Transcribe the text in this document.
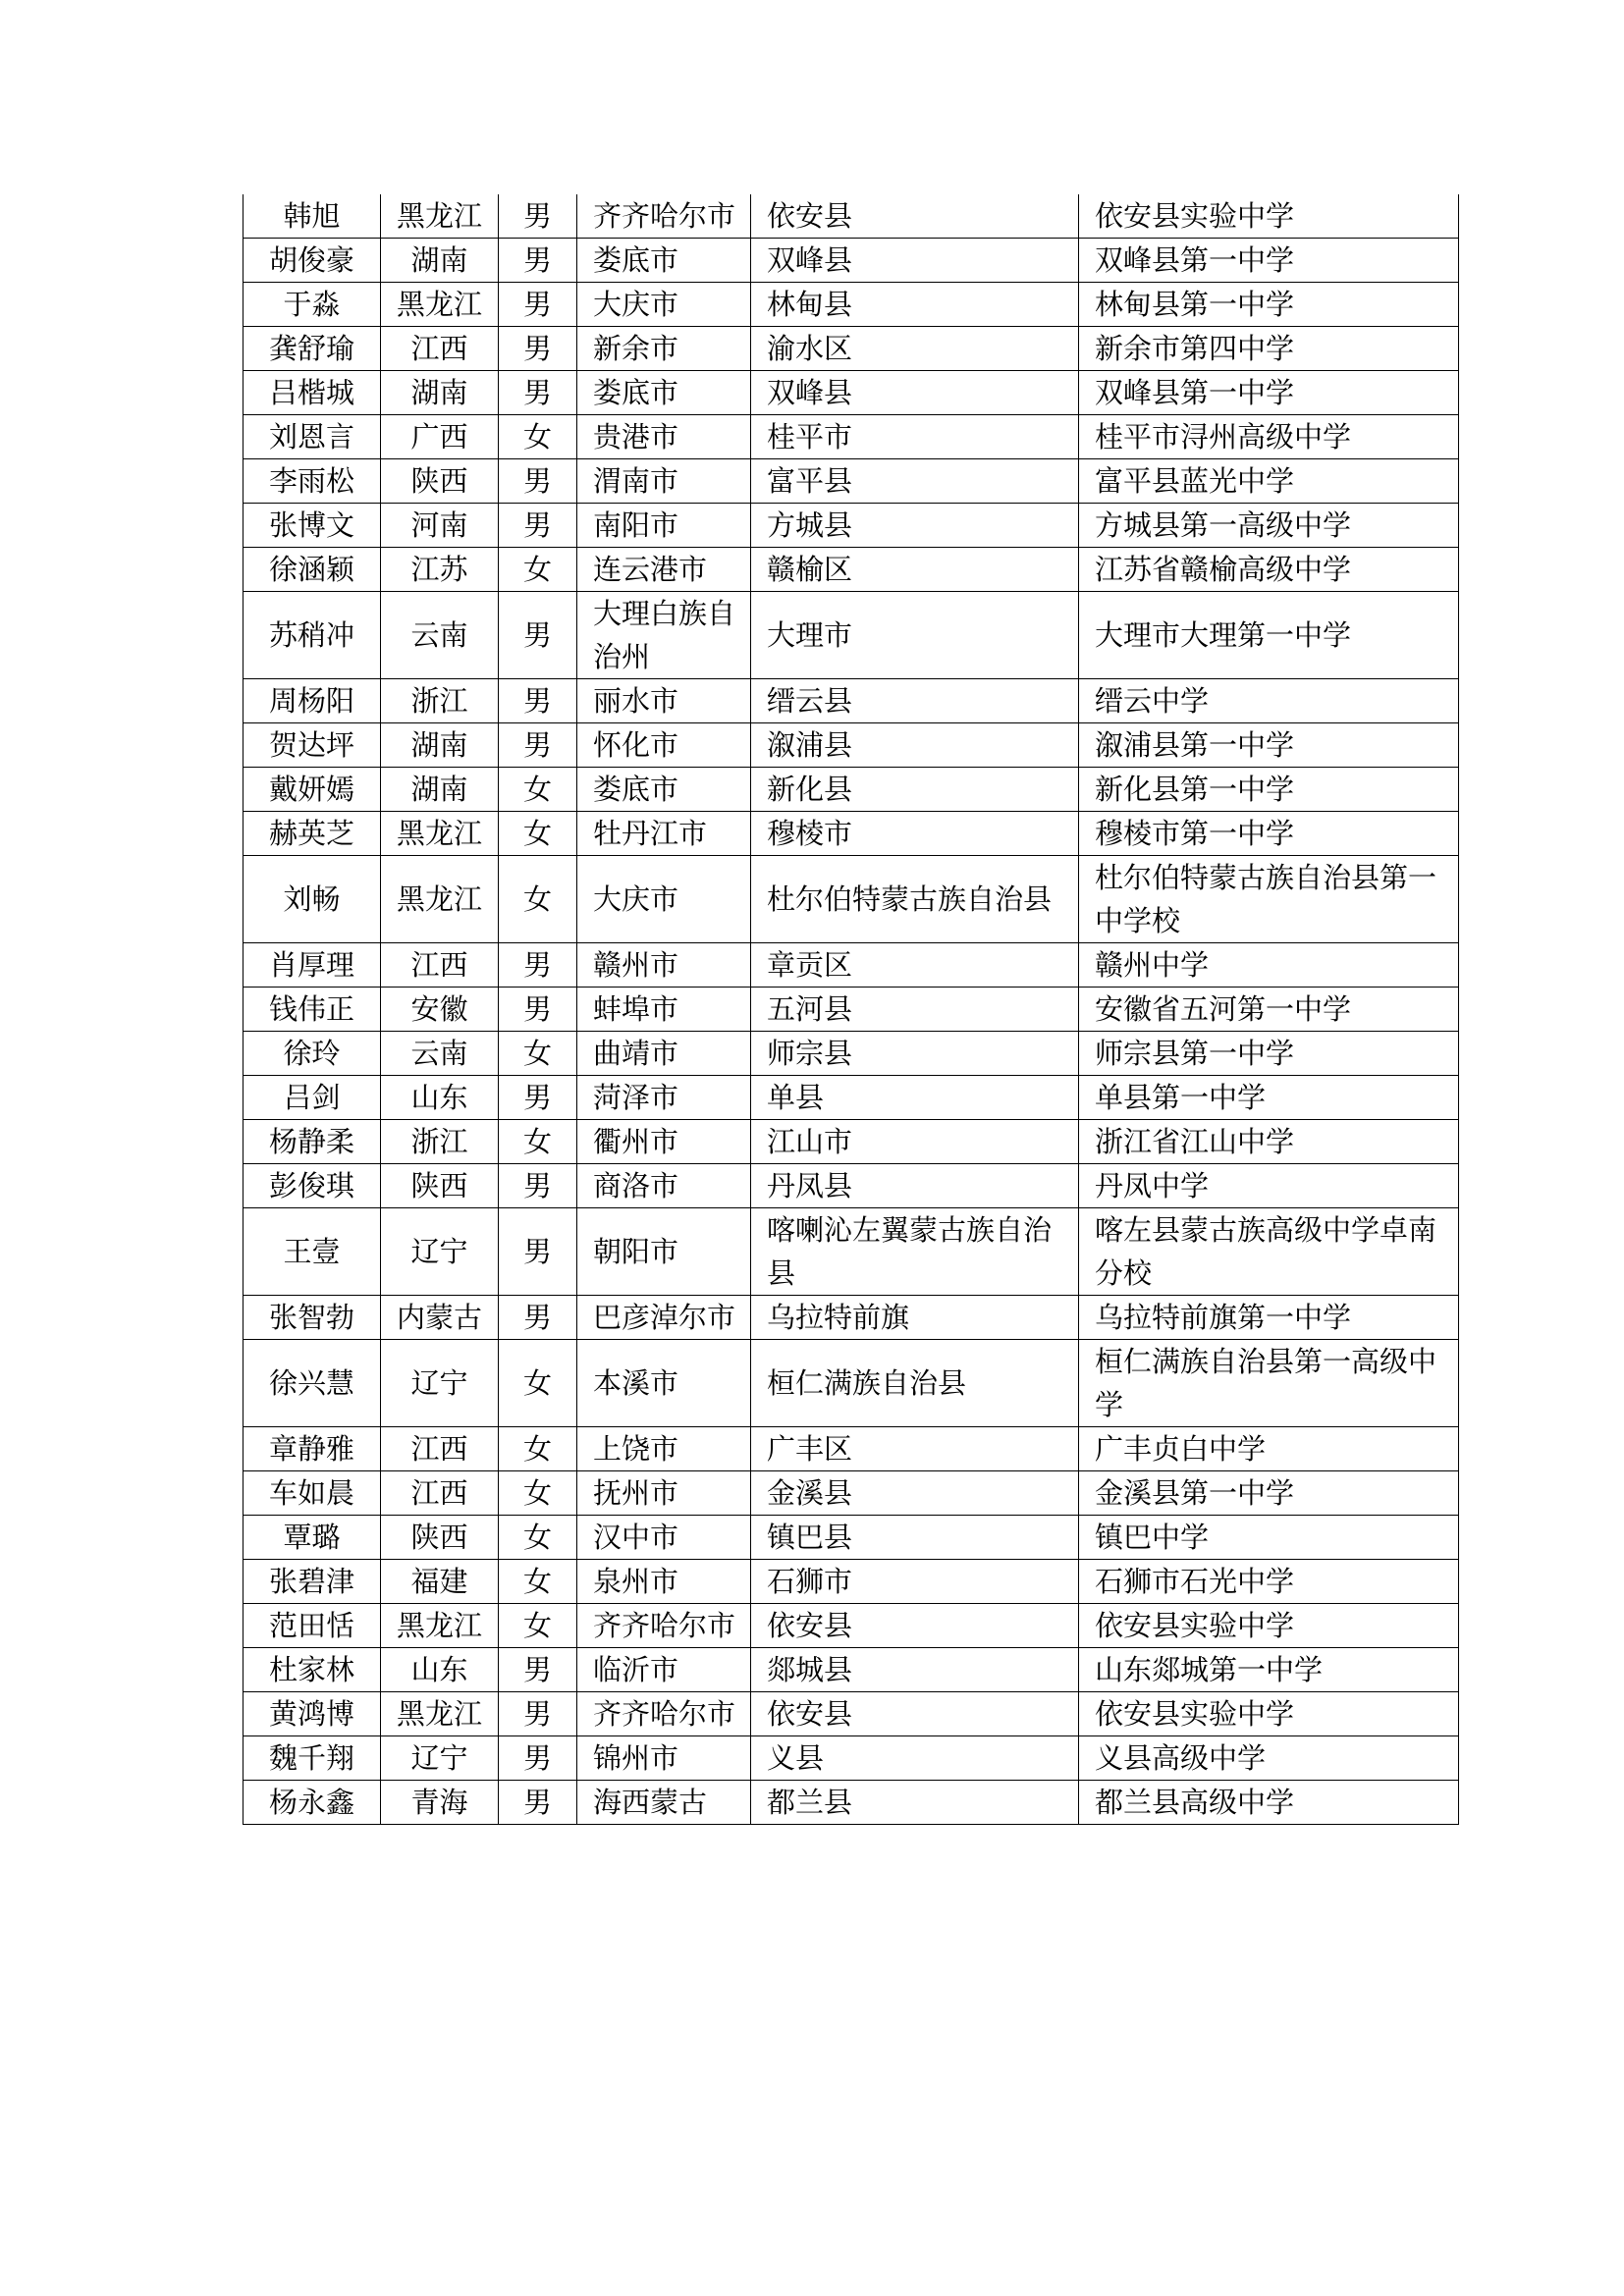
韩旭	黑龙江	男	齐齐哈尔市	依安县	依安县实验中学
胡俊豪	湖南	男	娄底市	双峰县	双峰县第一中学
于淼	黑龙江	男	大庆市	林甸县	林甸县第一中学
龚舒瑜	江西	男	新余市	渝水区	新余市第四中学
吕楷城	湖南	男	娄底市	双峰县	双峰县第一中学
刘恩言	广西	女	贵港市	桂平市	桂平市浔州高级中学
李雨松	陕西	男	渭南市	富平县	富平县蓝光中学
张博文	河南	男	南阳市	方城县	方城县第一高级中学
徐涵颖	江苏	女	连云港市	赣榆区	江苏省赣榆高级中学
苏稍冲	云南	男	大理白族自治州	大理市	大理市大理第一中学
周杨阳	浙江	男	丽水市	缙云县	缙云中学
贺达坪	湖南	男	怀化市	溆浦县	溆浦县第一中学
戴妍嫣	湖南	女	娄底市	新化县	新化县第一中学
赫英芝	黑龙江	女	牡丹江市	穆棱市	穆棱市第一中学
刘畅	黑龙江	女	大庆市	杜尔伯特蒙古族自治县	杜尔伯特蒙古族自治县第一中学校
肖厚理	江西	男	赣州市	章贡区	赣州中学
钱伟正	安徽	男	蚌埠市	五河县	安徽省五河第一中学
徐玲	云南	女	曲靖市	师宗县	师宗县第一中学
吕剑	山东	男	菏泽市	单县	单县第一中学
杨静柔	浙江	女	衢州市	江山市	浙江省江山中学
彭俊琪	陕西	男	商洛市	丹凤县	丹凤中学
王壹	辽宁	男	朝阳市	喀喇沁左翼蒙古族自治县	喀左县蒙古族高级中学卓南分校
张智勃	内蒙古	男	巴彦淖尔市	乌拉特前旗	乌拉特前旗第一中学
徐兴慧	辽宁	女	本溪市	桓仁满族自治县	桓仁满族自治县第一高级中学
章静雅	江西	女	上饶市	广丰区	广丰贞白中学
车如晨	江西	女	抚州市	金溪县	金溪县第一中学
覃璐	陕西	女	汉中市	镇巴县	镇巴中学
张碧津	福建	女	泉州市	石狮市	石狮市石光中学
范田恬	黑龙江	女	齐齐哈尔市	依安县	依安县实验中学
杜家林	山东	男	临沂市	郯城县	山东郯城第一中学
黄鸿博	黑龙江	男	齐齐哈尔市	依安县	依安县实验中学
魏千翔	辽宁	男	锦州市	义县	义县高级中学
杨永鑫	青海	男	海西蒙古	都兰县	都兰县高级中学
